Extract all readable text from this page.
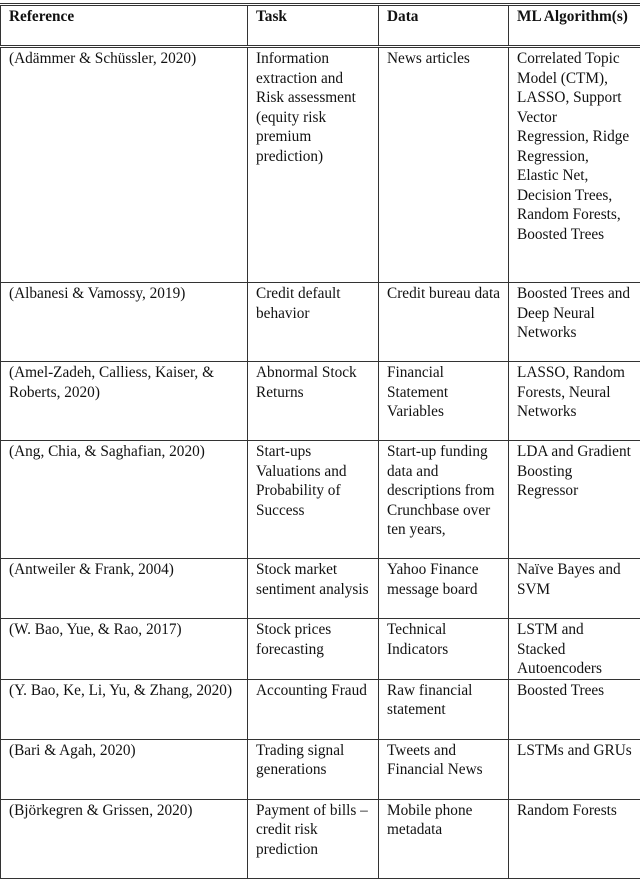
Reference	Task	Data	ML Algorithm(s)
(Adämmer & Schüssler, 2020)	Information extraction and Risk assessment (equity risk premium prediction)	News articles	Correlated Topic Model (CTM), LASSO, Support Vector Regression, Ridge Regression, Elastic Net, Decision Trees, Random Forests, Boosted Trees
(Albanesi & Vamossy, 2019)	Credit default behavior	Credit bureau data	Boosted Trees and Deep Neural Networks
(Amel-Zadeh, Calliess, Kaiser, & Roberts, 2020)	Abnormal Stock Returns	Financial Statement Variables	LASSO, Random Forests, Neural Networks
(Ang, Chia, & Saghafian, 2020)	Start-ups Valuations and Probability of Success	Start-up funding data and descriptions from Crunchbase over ten years,	LDA and Gradient Boosting Regressor
(Antweiler & Frank, 2004)	Stock market sentiment analysis	Yahoo Finance message board	Naïve Bayes and SVM
(W. Bao, Yue, & Rao, 2017)	Stock prices forecasting	Technical Indicators	LSTM and Stacked Autoencoders
(Y. Bao, Ke, Li, Yu, & Zhang, 2020)	Accounting Fraud	Raw financial statement	Boosted Trees
(Bari & Agah, 2020)	Trading signal generations	Tweets and Financial News	LSTMs and GRUs
(Björkegren & Grissen, 2020)	Payment of bills – credit risk prediction	Mobile phone metadata	Random Forests
